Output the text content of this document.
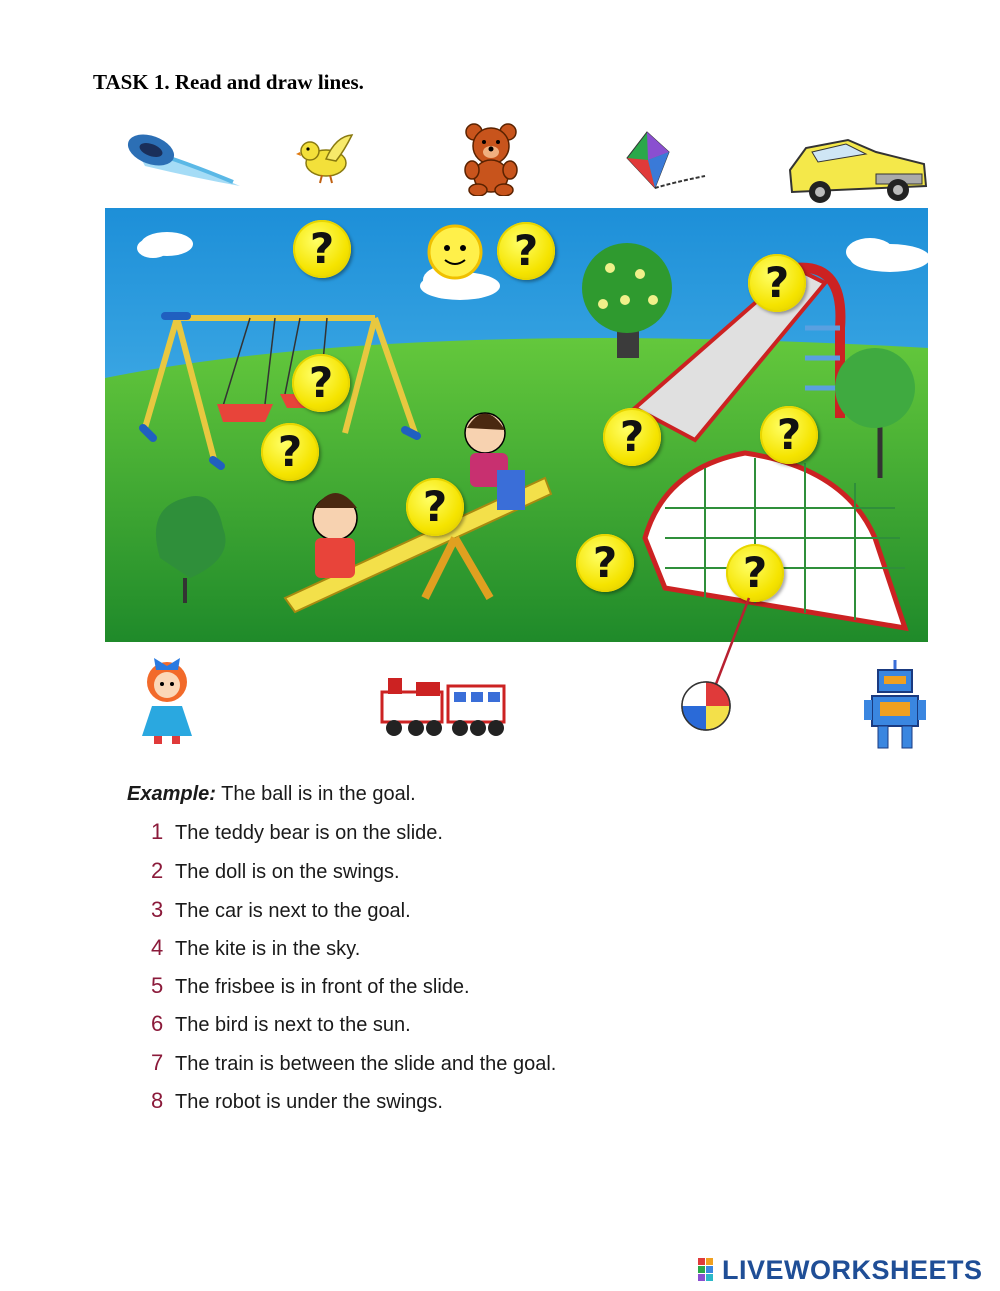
TASK 1. Read and draw lines.
?	?
?
?
?	?	?
?
?	?
Example: The ball is in the goal.
1 The teddy bear is on the slide.
2 The doll is on the swings.
3 The car is next to the goal.
4 The kite is in the sky.
5 The frisbee is in front of the slide.
6 The bird is next to the sun.
7 The train is between the slide and the goal.
8 The robot is under the swings.
LIVEWORKSHEETS
